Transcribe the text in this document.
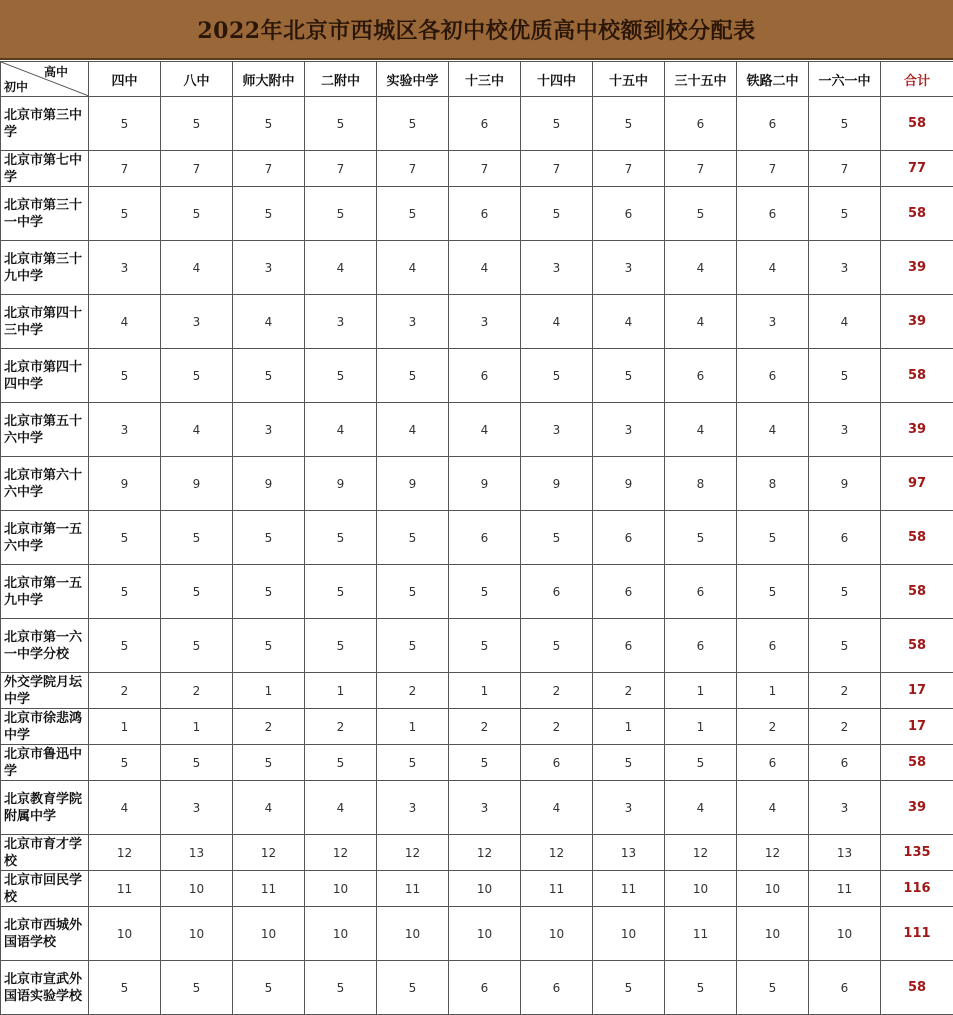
2022年北京市西城区各初中校优质高中校额到校分配表
高中
初中	四中	八中	师大附中	二附中	实验中学	十三中	十四中	十五中	三十五中	铁路二中	一六一中	合计
北京市第三中学	5	5	5	5	5	6	5	5	6	6	5	58
北京市第七中学	7	7	7	7	7	7	7	7	7	7	7	77
北京市第三十一中学	5	5	5	5	5	6	5	6	5	6	5	58
北京市第三十九中学	3	4	3	4	4	4	3	3	4	4	3	39
北京市第四十三中学	4	3	4	3	3	3	4	4	4	3	4	39
北京市第四十四中学	5	5	5	5	5	6	5	5	6	6	5	58
北京市第五十六中学	3	4	3	4	4	4	3	3	4	4	3	39
北京市第六十六中学	9	9	9	9	9	9	9	9	8	8	9	97
北京市第一五六中学	5	5	5	5	5	6	5	6	5	5	6	58
北京市第一五九中学	5	5	5	5	5	5	6	6	6	5	5	58
北京市第一六一中学分校	5	5	5	5	5	5	5	6	6	6	5	58
外交学院月坛中学	2	2	1	1	2	1	2	2	1	1	2	17
北京市徐悲鸿中学	1	1	2	2	1	2	2	1	1	2	2	17
北京市鲁迅中学	5	5	5	5	5	5	6	5	5	6	6	58
北京教育学院附属中学	4	3	4	4	3	3	4	3	4	4	3	39
北京市育才学校	12	13	12	12	12	12	12	13	12	12	13	135
北京市回民学校	11	10	11	10	11	10	11	11	10	10	11	116
北京市西城外国语学校	10	10	10	10	10	10	10	10	11	10	10	111
北京市宣武外国语实验学校	5	5	5	5	5	6	6	5	5	5	6	58
